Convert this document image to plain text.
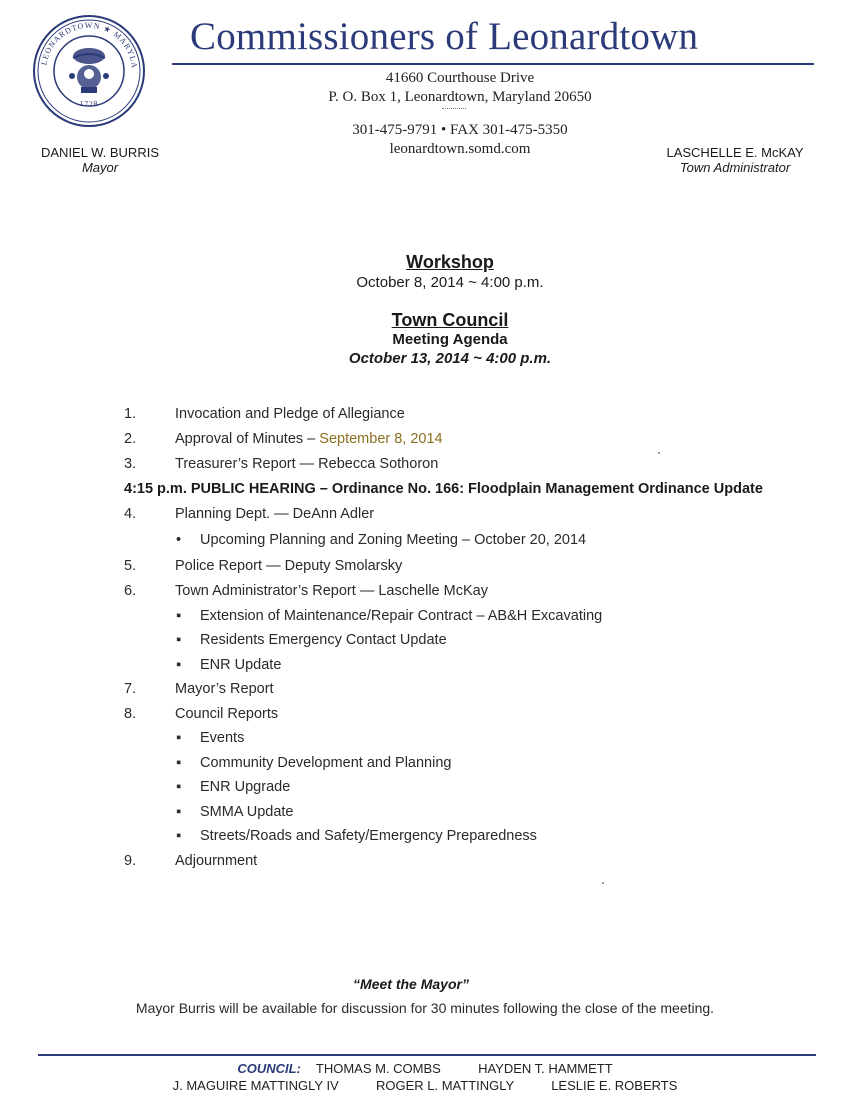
LEONARDTOWN ★ MARYLA
1728
Commissioners of Leonardtown
41660 Courthouse Drive
P. O. Box 1, Leonardtown, Maryland 20650
301-475-9791 • FAX 301-475-5350
leonardtown.somd.com
DANIEL W. BURRIS
Mayor
LASCHELLE E. McKAY
Town Administrator
Workshop
October 8, 2014 ~ 4:00 p.m.
Town Council
Meeting Agenda
October 13, 2014 ~ 4:00 p.m.
1.	Invocation and Pledge of Allegiance
2.	Approval of Minutes – September 8, 2014
3.	Treasurer’s Report — Rebecca Sothoron
4:15 p.m. PUBLIC HEARING – Ordinance No. 166: Floodplain Management Ordinance Update
4.	Planning Dept. — DeAnn Adler
• Upcoming Planning and Zoning Meeting – October 20, 2014
5.	Police Report — Deputy Smolarsky
6.	Town Administrator’s Report — Laschelle McKay
▪ Extension of Maintenance/Repair Contract – AB&H Excavating
▪ Residents Emergency Contact Update
▪ ENR Update
7.	Mayor’s Report
8.	Council Reports
▪ Events
▪ Community Development and Planning
▪ ENR Upgrade
▪ SMMA Update
▪ Streets/Roads and Safety/Emergency Preparedness
9.	Adjournment
“Meet the Mayor”
Mayor Burris will be available for discussion for 30 minutes following the close of the meeting.
COUNCIL: THOMAS M. COMBS	HAYDEN T. HAMMETT
J. MAGUIRE MATTINGLY IV	ROGER L. MATTINGLY	LESLIE E. ROBERTS
